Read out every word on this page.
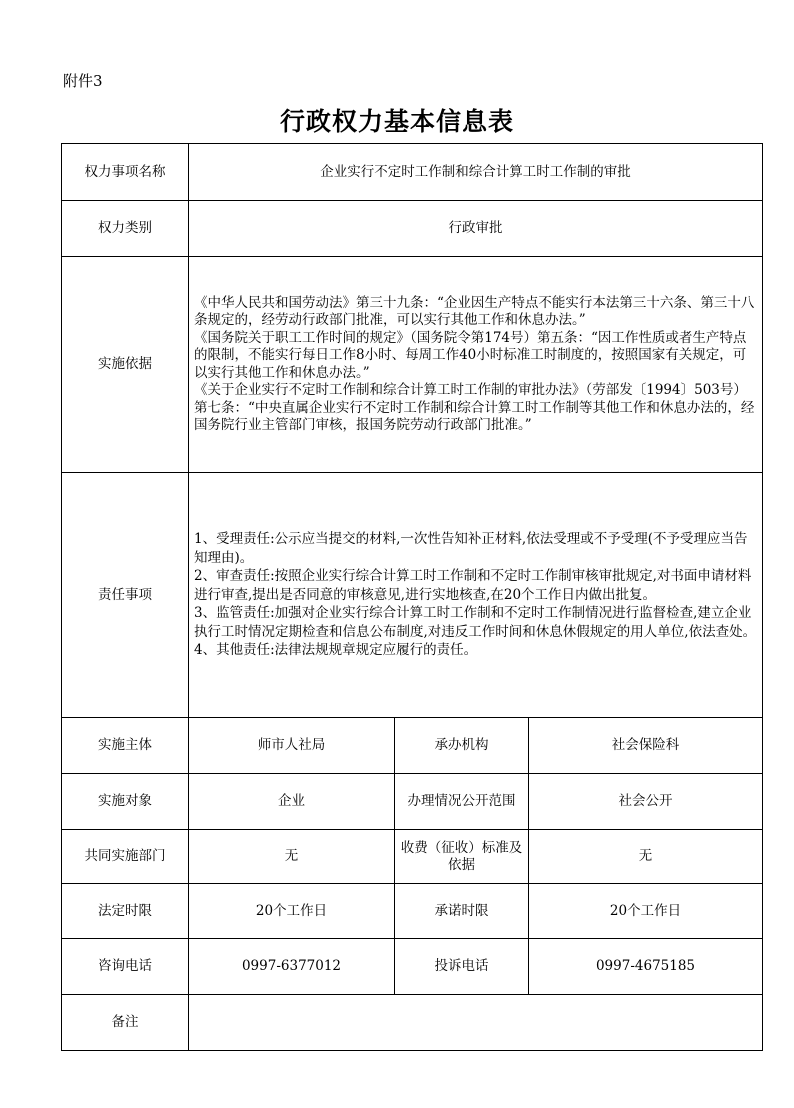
附件3
行政权力基本信息表
权力事项名称	企业实行不定时工作制和综合计算工时工作制的审批		
权力类别	行政审批		
实施依据	《中华人民共和国劳动法》第三十九条：“企业因生产特点不能实行本法第三十六条、第三十八条规定的，经劳动行政部门批准，可以实行其他工作和休息办法。”
《国务院关于职工工作时间的规定》（国务院令第174号）第五条：“因工作性质或者生产特点的限制，不能实行每日工作8小时、每周工作40小时标准工时制度的，按照国家有关规定，可以实行其他工作和休息办法。”
《关于企业实行不定时工作制和综合计算工时工作制的审批办法》（劳部发〔1994〕503号）第七条：“中央直属企业实行不定时工作制和综合计算工时工作制等其他工作和休息办法的，经国务院行业主管部门审核，报国务院劳动行政部门批准。”		

责任事项	1、受理责任:公示应当提交的材料,一次性告知补正材料,依法受理或不予受理(不予受理应当告知理由)。
2、审查责任:按照企业实行综合计算工时工作制和不定时工作制审核审批规定,对书面申请材料进行审查,提出是否同意的审核意见,进行实地核查,在20个工作日内做出批复。
3、监管责任:加强对企业实行综合计算工时工作制和不定时工作制情况进行监督检查,建立企业执行工时情况定期检查和信息公布制度,对违反工作时间和休息休假规定的用人单位,依法查处。
4、其他责任:法律法规规章规定应履行的责任。		

实施主体	师市人社局	承办机构	社会保险科
实施对象	企业	办理情况公开范围	社会公开
共同实施部门	无	收费（征收）标准及依据	无
法定时限	20个工作日	承诺时限	20个工作日
咨询电话	0997-6377012	投诉电话	0997-4675185
备注			
